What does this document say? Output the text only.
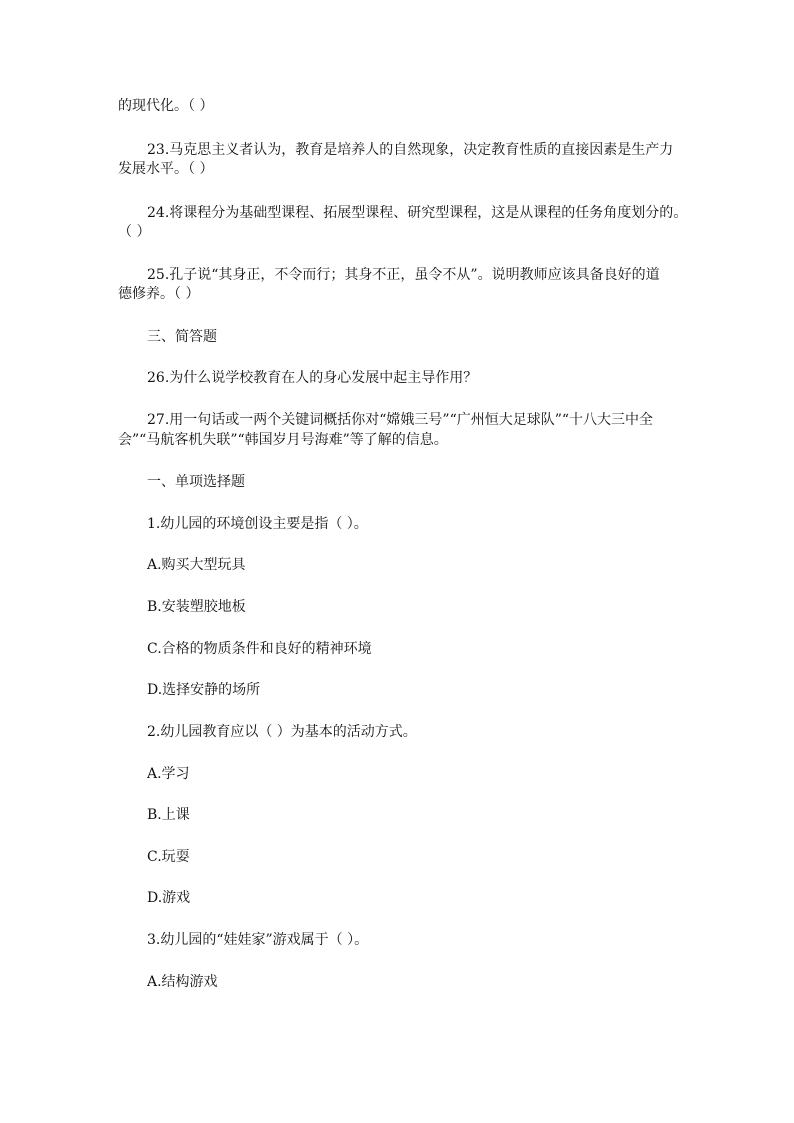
的现代化。（ ）
23.马克思主义者认为，教育是培养人的自然现象，决定教育性质的直接因素是生产力
发展水平。（ ）
24.将课程分为基础型课程、拓展型课程、研究型课程，这是从课程的任务角度划分的。
（ ）
25.孔子说“其身正，不令而行；其身不正，虽令不从”。说明教师应该具备良好的道
德修养。（ ）
三、简答题
26.为什么说学校教育在人的身心发展中起主导作用？
27.用一句话或一两个关键词概括你对“嫦娥三号”“广州恒大足球队”“十八大三中全
会”“马航客机失联”“韩国岁月号海难”等了解的信息。
一、单项选择题
1.幼儿园的环境创设主要是指（ ）。
A.购买大型玩具
B.安装塑胶地板
C.合格的物质条件和良好的精神环境
D.选择安静的场所
2.幼儿园教育应以（ ）为基本的活动方式。
A.学习
B.上课
C.玩耍
D.游戏
3.幼儿园的“娃娃家”游戏属于（ ）。
A.结构游戏
